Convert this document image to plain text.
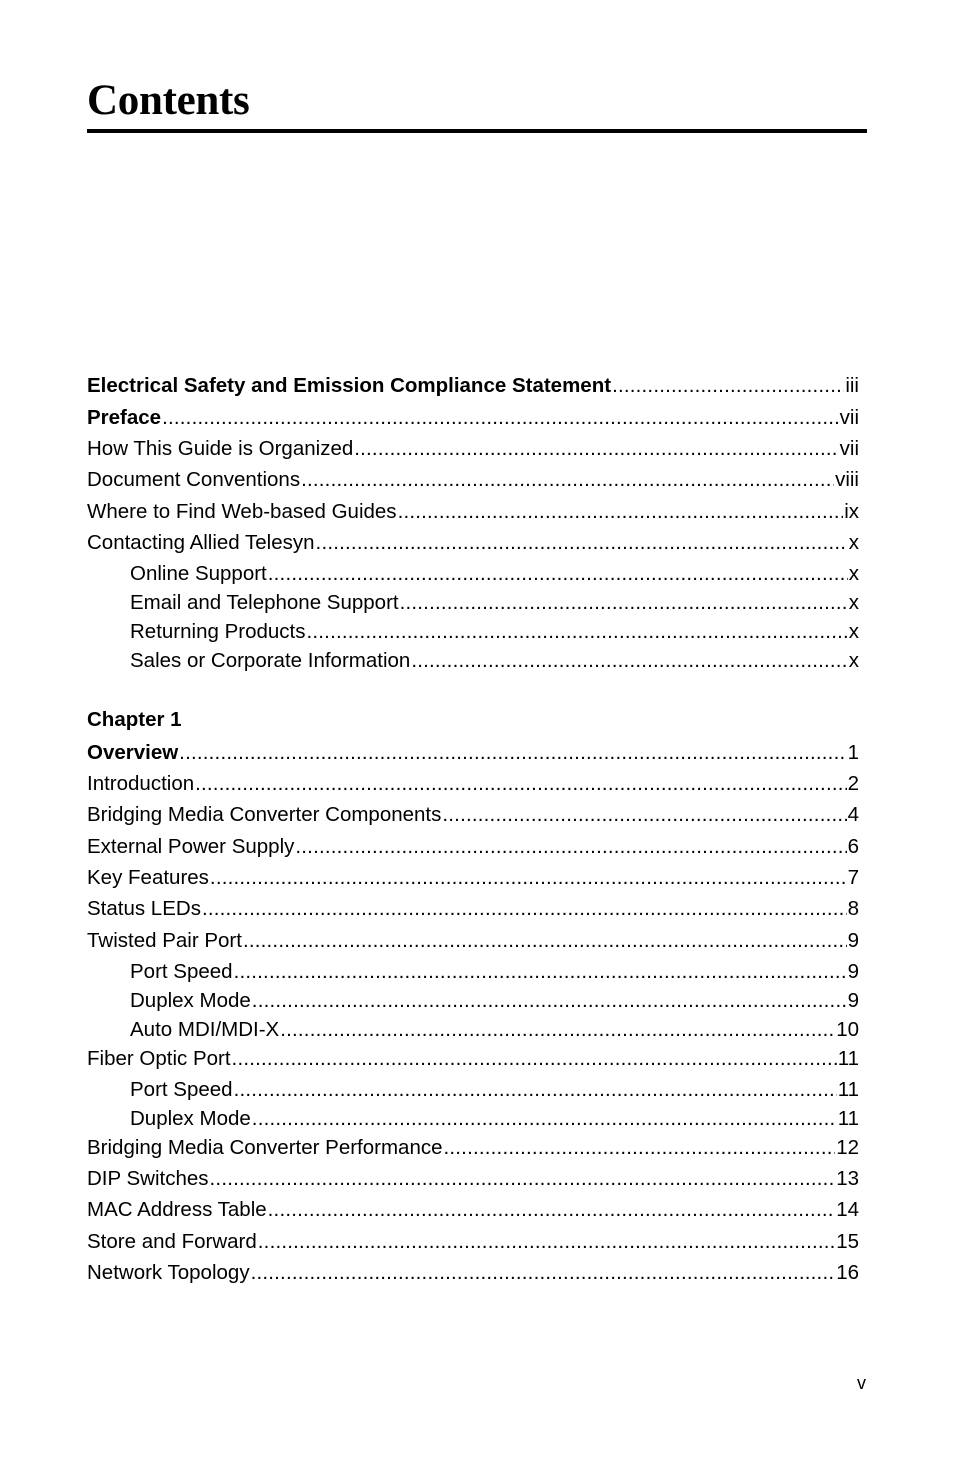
Contents
Electrical Safety and Emission Compliance Statement .....	iii
Preface .....	vii
How This Guide is Organized .....	vii
Document Conventions .....	viii
Where to Find Web-based Guides .....	ix
Contacting Allied Telesyn .....	x
Online Support .....	x
Email and Telephone Support .....	x
Returning Products .....	x
Sales or Corporate Information .....	x
Chapter 1
Overview .....	1
Introduction .....	2
Bridging Media Converter Components .....	4
External Power Supply .....	6
Key Features .....	7
Status LEDs .....	8
Twisted Pair Port .....	9
Port Speed .....	9
Duplex Mode .....	9
Auto MDI/MDI-X .....	10
Fiber Optic Port .....	11
Port Speed .....	11
Duplex Mode .....	11
Bridging Media Converter Performance .....	12
DIP Switches .....	13
MAC Address Table .....	14
Store and Forward .....	15
Network Topology .....	16
v
